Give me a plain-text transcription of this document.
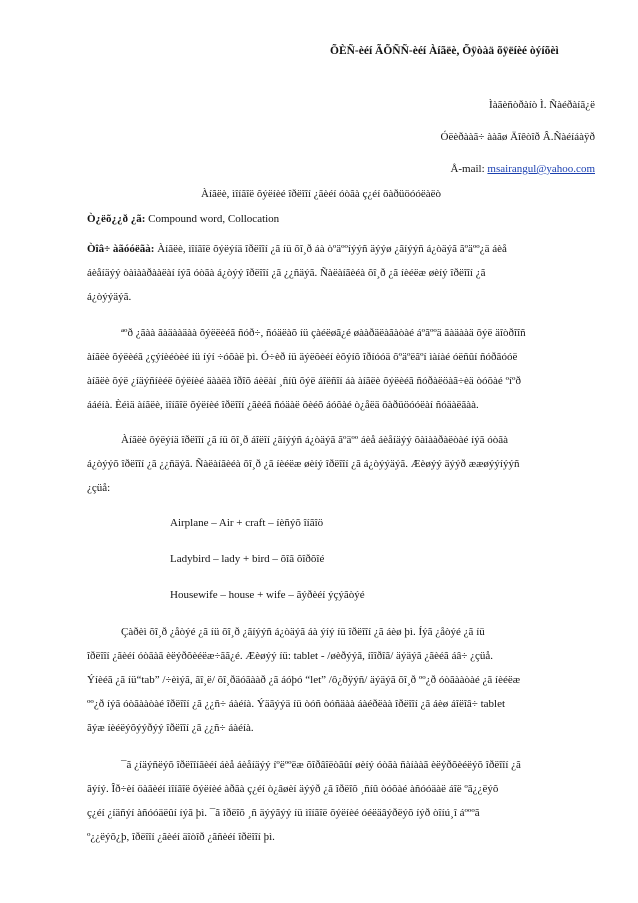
ÕÈÑ-èéí ÃÕÑÑ-èéí Àíãëè, Õÿòàä õÿëíèé òýíõèì
Ìàãèñòðàíò Ì. Ñàéðàíã¿ë
Óëèðààã÷ ààãø Äîêòîð Â.Ñàéíáàÿð
Å-mail: msairangul@yahoo.com
Àíãëè, ìîíãîë õýëíèé îðëîîí ¿ãèéí óòãà ç¿éí õàðüöóóëàëò
Ò¿ëõ¿¿ð ¿ã: Compound word, Collocation
Òîâ÷ àãóóëãà: Àíãëè, ìîíãîë õýëýíä îðëîîí ¿ã íü õî¸ð áà òºäººíýýñ äýýø ¿ãíýýñ á¿òäýã ãºäºº¿ä áèå
áèåíäýý òàìààðààëàí íýã óòãà á¿òýý îðëîîí ¿ã ¿¿ñäýã. Ñàëàíãèéà õî¸ð ¿ã íèéëæ øèíý îðëîîí ¿ã
á¿òýýäýã.
ªºð ¿ãàà ãàäààäàà õýëëèéã ñóð÷, ñóäëàõ íü çàéëøã¿é øààðäëàãàòàé áºãººä ãàäààä õýë äîòðîîñ
àíãëè õýëèéã ¿çýíèéòèé íü íýí ÷óõàë þì. Ó÷èð íü äýëõèéí èõýíõ îðíóóä õºäºëãºí ìàíàé óëñûí ñóðãóóë
àíãëè õýë ¿íäýñíèéë õýëíèé äààëà îðîõ áèëàí ¸ñíû õýë áîëñîí áà àíãëè õýëèéã ñóðàëöàã÷èä òóõàé ºíºð
ááéíà. Èéìä àíãëè, ìîíãîë õýëíèé îðëîîí ¿ãèéã ñóäàë õèéõ áóõàé ò¿åëä õàðüöóóëàí ñóäàëãàà.
Àíãëè õýëýíä îðëîîí ¿ã íü õî¸ð áîëîí ¿ãíýýñ á¿òäýã ãºäºº áèå áèåíäýý õàìààðàëòàé íýã óòãà
á¿òýýõ îðëîîí ¿ã ¿¿ñäýã. Ñàëàíãèéà õî¸ð ¿ã íèéëæ øèíý îðëîîí ¿ã á¿òýýäýã. Æèøýý äýýð ææøýýíýýñ
¿çüå:
Airplane – Air + craft – íèñýõ îíãîö
Ladybird – lady + bird – õîã õîðõîé
Housewife – house + wife – ãýðèéí ýçýãòýé
Çàðèì õî¸ð ¿åòýé ¿ã íü õî¸ð ¿ãíýýñ á¿òäýã áà ýíý íü îðëîîí ¿ã áèø þì. Íýã ¿åòýé ¿ã íü
îðëîîí ¿ãèéí óòãàã èëýðõèéëæ÷ãã¿é. Æèøýý íü: tablet - /øèðýýã, íîîðîã/ äýäýã ¿ãèéã áâ÷ ¿çüå.
Ýíèéã ¿ã íü“tab” /÷èìýã, ãî¸ë/ õî¸ðäóãààð ¿ã áóþó “let” /ô¿ðÿýñ/ äýäýã õî¸ð ºº¿ð óòãààòàé ¿ã íèéëæ
ºº¿ð íýã óòãààòàé îðëîîí ¿ã ¿¿ñ÷ áàéíà. Ýäãýýä íü òóñ òóñäàà áàéðëàà îðëîîí ¿ã áèø áîëîâ÷ tablet
ãýæ íèéëýõýýðýý îðëîîí ¿ã ¿¿ñ÷ áàéíà.
¯ã ¿íäýñëýõ îðëîîíãèéí áèå áèåíäýý íºëººëæ õîðâîëòãûí øèíý óòãà ñàíààã èëýðõèéëýõ îðëîîí ¿ã
ãýíý. Îð÷èí öàãèéí ìîíãîë õýëíèé àðãà ç¿éí ò¿âøèí äýýð ¿ã îðëîõ ¸ñíû òóõàé àñóóäàë áîë ºã¿¿ëýõ
ç¿éí ¿íäñýí àñóóäëûí íýã þì. ¯ã îðëîõ ¸ñ äýýãýý íü ìîíãîë õýëíèé óéëäâýðëýõ íýð òîíú¸î áºººã
º¿¿ëýõ¿þ, îðëîîí ¿ãèéí äîòîð ¿ãñèéí îðëîîí þì.
